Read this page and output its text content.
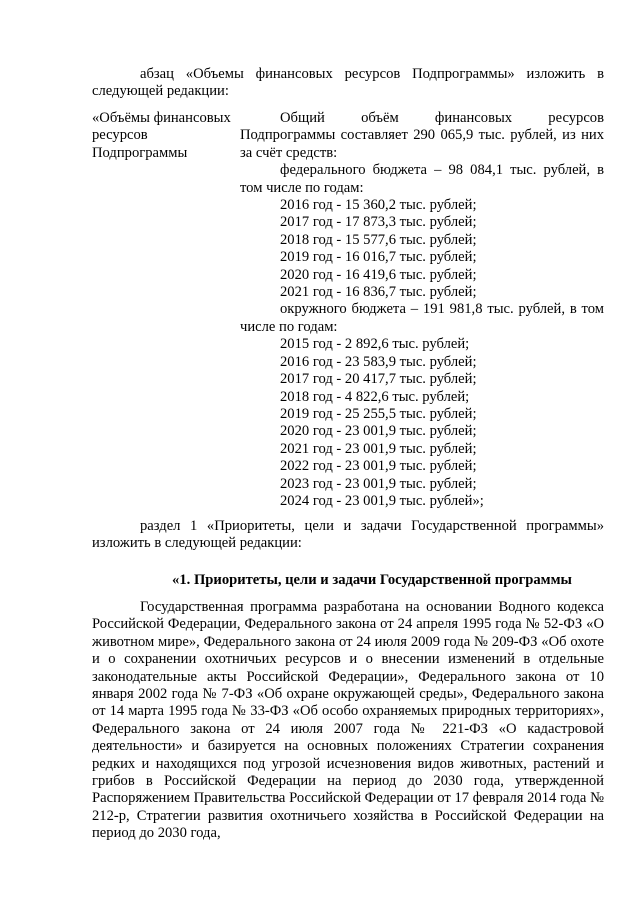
абзац «Объемы финансовых ресурсов Подпрограммы» изложить в следующей редакции:

«Объёмы финансовых ресурсов Подпрограммы

Общий объём финансовых ресурсов Подпрограммы составляет 290 065,9 тыс. рублей, из них за счёт средств:
федерального бюджета – 98 084,1 тыс. рублей, в том числе по годам:
2016 год - 15 360,2 тыс. рублей;
2017 год - 17 873,3 тыс. рублей;
2018 год - 15 577,6 тыс. рублей;
2019 год - 16 016,7 тыс. рублей;
2020 год - 16 419,6 тыс. рублей;
2021 год - 16 836,7 тыс. рублей;
окружного бюджета – 191 981,8 тыс. рублей, в том числе по годам:
2015 год - 2 892,6 тыс. рублей;
2016 год - 23 583,9 тыс. рублей;
2017 год - 20 417,7 тыс. рублей;
2018 год - 4 822,6 тыс. рублей;
2019 год - 25 255,5 тыс. рублей;
2020 год - 23 001,9 тыс. рублей;
2021 год - 23 001,9 тыс. рублей;
2022 год - 23 001,9 тыс. рублей;
2023 год - 23 001,9 тыс. рублей;
2024 год - 23 001,9 тыс. рублей»;

раздел 1 «Приоритеты, цели и задачи Государственной программы» изложить в следующей редакции:

«1. Приоритеты, цели и задачи Государственной программы

Государственная программа разработана на основании Водного кодекса Российской Федерации, Федерального закона от 24 апреля 1995 года № 52-ФЗ «О животном мире», Федерального закона от 24 июля 2009 года № 209-ФЗ «Об охоте и о сохранении охотничьих ресурсов и о внесении изменений в отдельные законодательные акты Российской Федерации», Федерального закона от 10 января 2002 года № 7-ФЗ «Об охране окружающей среды», Федерального закона от 14 марта 1995 года № 33-ФЗ «Об особо охраняемых природных территориях», Федерального закона от 24 июля 2007 года № 221-ФЗ «О кадастровой деятельности» и базируется на основных положениях Стратегии сохранения редких и находящихся под угрозой исчезновения видов животных, растений и грибов в Российской Федерации на период до 2030 года, утвержденной Распоряжением Правительства Российской Федерации от 17 февраля 2014 года № 212-р, Стратегии развития охотничьего хозяйства в Российской Федерации на период до 2030 года,
